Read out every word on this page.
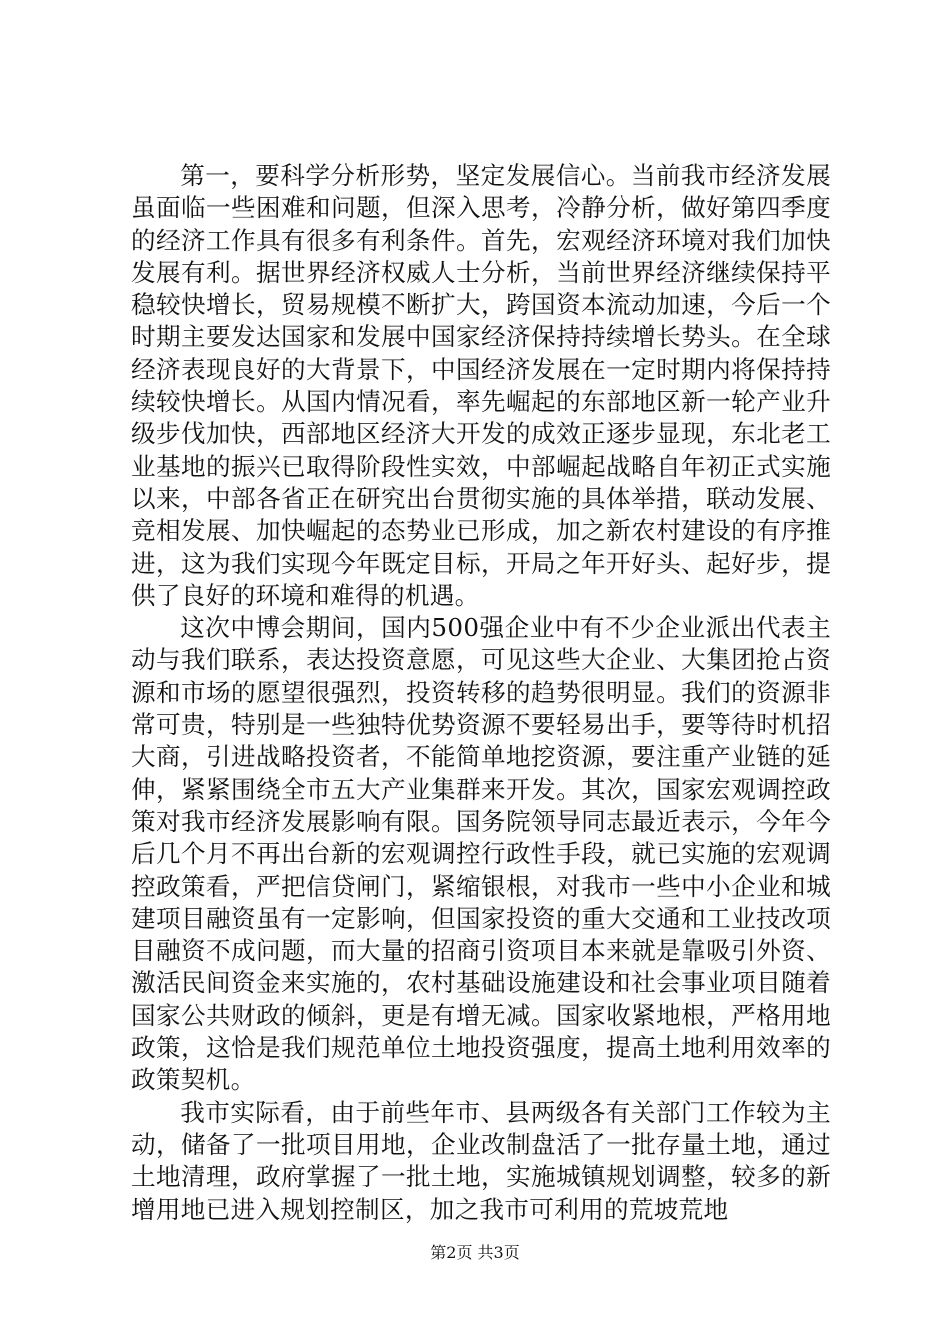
第一，要科学分析形势，坚定发展信心。当前我市经济发展虽面临一些困难和问题，但深入思考，冷静分析，做好第四季度的经济工作具有很多有利条件。首先，宏观经济环境对我们加快发展有利。据世界经济权威人士分析，当前世界经济继续保持平稳较快增长，贸易规模不断扩大，跨国资本流动加速，今后一个时期主要发达国家和发展中国家经济保持持续增长势头。在全球经济表现良好的大背景下，中国经济发展在一定时期内将保持持续较快增长。从国内情况看，率先崛起的东部地区新一轮产业升级步伐加快，西部地区经济大开发的成效正逐步显现，东北老工业基地的振兴已取得阶段性实效，中部崛起战略自年初正式实施以来，中部各省正在研究出台贯彻实施的具体举措，联动发展、竞相发展、加快崛起的态势业已形成，加之新农村建设的有序推进，这为我们实现今年既定目标，开局之年开好头、起好步，提供了良好的环境和难得的机遇。

这次中博会期间，国内500强企业中有不少企业派出代表主动与我们联系，表达投资意愿，可见这些大企业、大集团抢占资源和市场的愿望很强烈，投资转移的趋势很明显。我们的资源非常可贵，特别是一些独特优势资源不要轻易出手，要等待时机招大商，引进战略投资者，不能简单地挖资源，要注重产业链的延伸，紧紧围绕全市五大产业集群来开发。其次，国家宏观调控政策对我市经济发展影响有限。国务院领导同志最近表示，今年今后几个月不再出台新的宏观调控行政性手段，就已实施的宏观调控政策看，严把信贷闸门，紧缩银根，对我市一些中小企业和城建项目融资虽有一定影响，但国家投资的重大交通和工业技改项目融资不成问题，而大量的招商引资项目本来就是靠吸引外资、激活民间资金来实施的，农村基础设施建设和社会事业项目随着国家公共财政的倾斜，更是有增无减。国家收紧地根，严格用地政策，这恰是我们规范单位土地投资强度，提高土地利用效率的政策契机。

我市实际看，由于前些年市、县两级各有关部门工作较为主动，储备了一批项目用地，企业改制盘活了一批存量土地，通过土地清理，政府掌握了一批土地，实施城镇规划调整，较多的新增用地已进入规划控制区，加之我市可利用的荒坡荒地

第2页 共3页
